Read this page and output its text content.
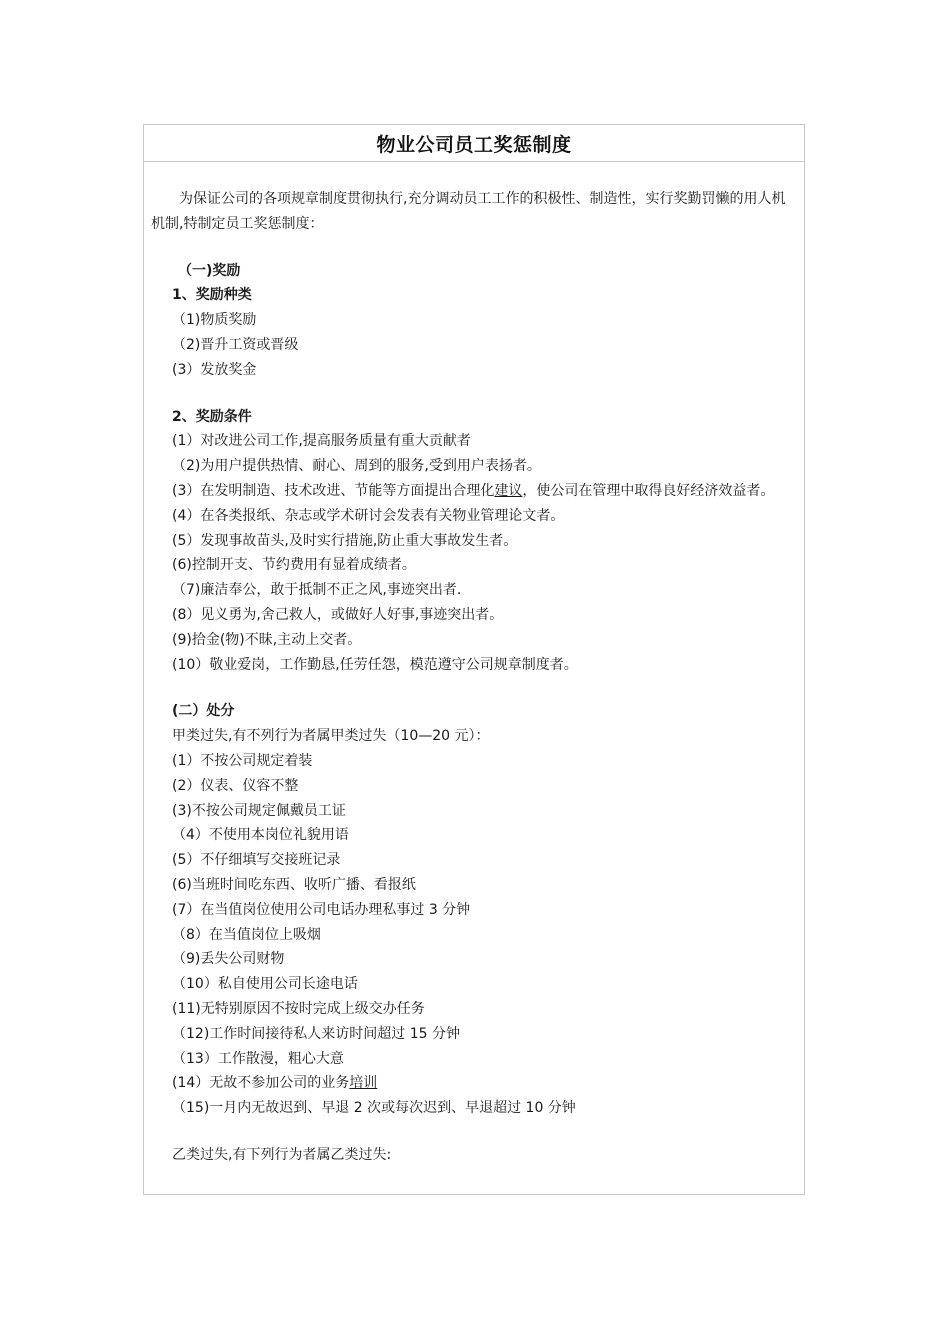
物业公司员工奖惩制度

为保证公司的各项规章制度贯彻执行,充分调动员工工作的积极性、制造性，实行奖勤罚懒的用人机机制,特制定员工奖惩制度：

（一)奖励

1、奖励种类

（1)物质奖励

（2)晋升工资或晋级

(3）发放奖金

2、奖励条件

(1）对改进公司工作,提高服务质量有重大贡献者

（2)为用户提供热情、耐心、周到的服务,受到用户表扬者。

(3）在发明制造、技术改进、节能等方面提出合理化建议，使公司在管理中取得良好经济效益者。

(4）在各类报纸、杂志或学术研讨会发表有关物业管理论文者。

(5）发现事故苗头,及时实行措施,防止重大事故发生者。

(6)控制开支、节约费用有显着成绩者。

（7)廉洁奉公，敢于抵制不正之风,事迹突出者.

(8）见义勇为,舍己救人，或做好人好事,事迹突出者。

(9)拾金(物)不昧,主动上交者。

(10）敬业爱岗，工作勤恳,任劳任怨，模范遵守公司规章制度者。

(二）处分

甲类过失,有不列行为者属甲类过失（10—20 元）：

(1）不按公司规定着装

(2）仪表、仪容不整

(3)不按公司规定佩戴员工证

（4）不使用本岗位礼貌用语

(5）不仔细填写交接班记录

(6)当班时间吃东西、收听广播、看报纸

(7）在当值岗位使用公司电话办理私事过 3 分钟

（8）在当值岗位上吸烟

（9)丢失公司财物

（10）私自使用公司长途电话

(11)无特别原因不按时完成上级交办任务

（12)工作时间接待私人来访时间超过 15 分钟

（13）工作散漫，粗心大意

(14）无故不参加公司的业务培训

（15)一月内无故迟到、早退 2 次或每次迟到、早退超过 10 分钟

乙类过失,有下列行为者属乙类过失:
